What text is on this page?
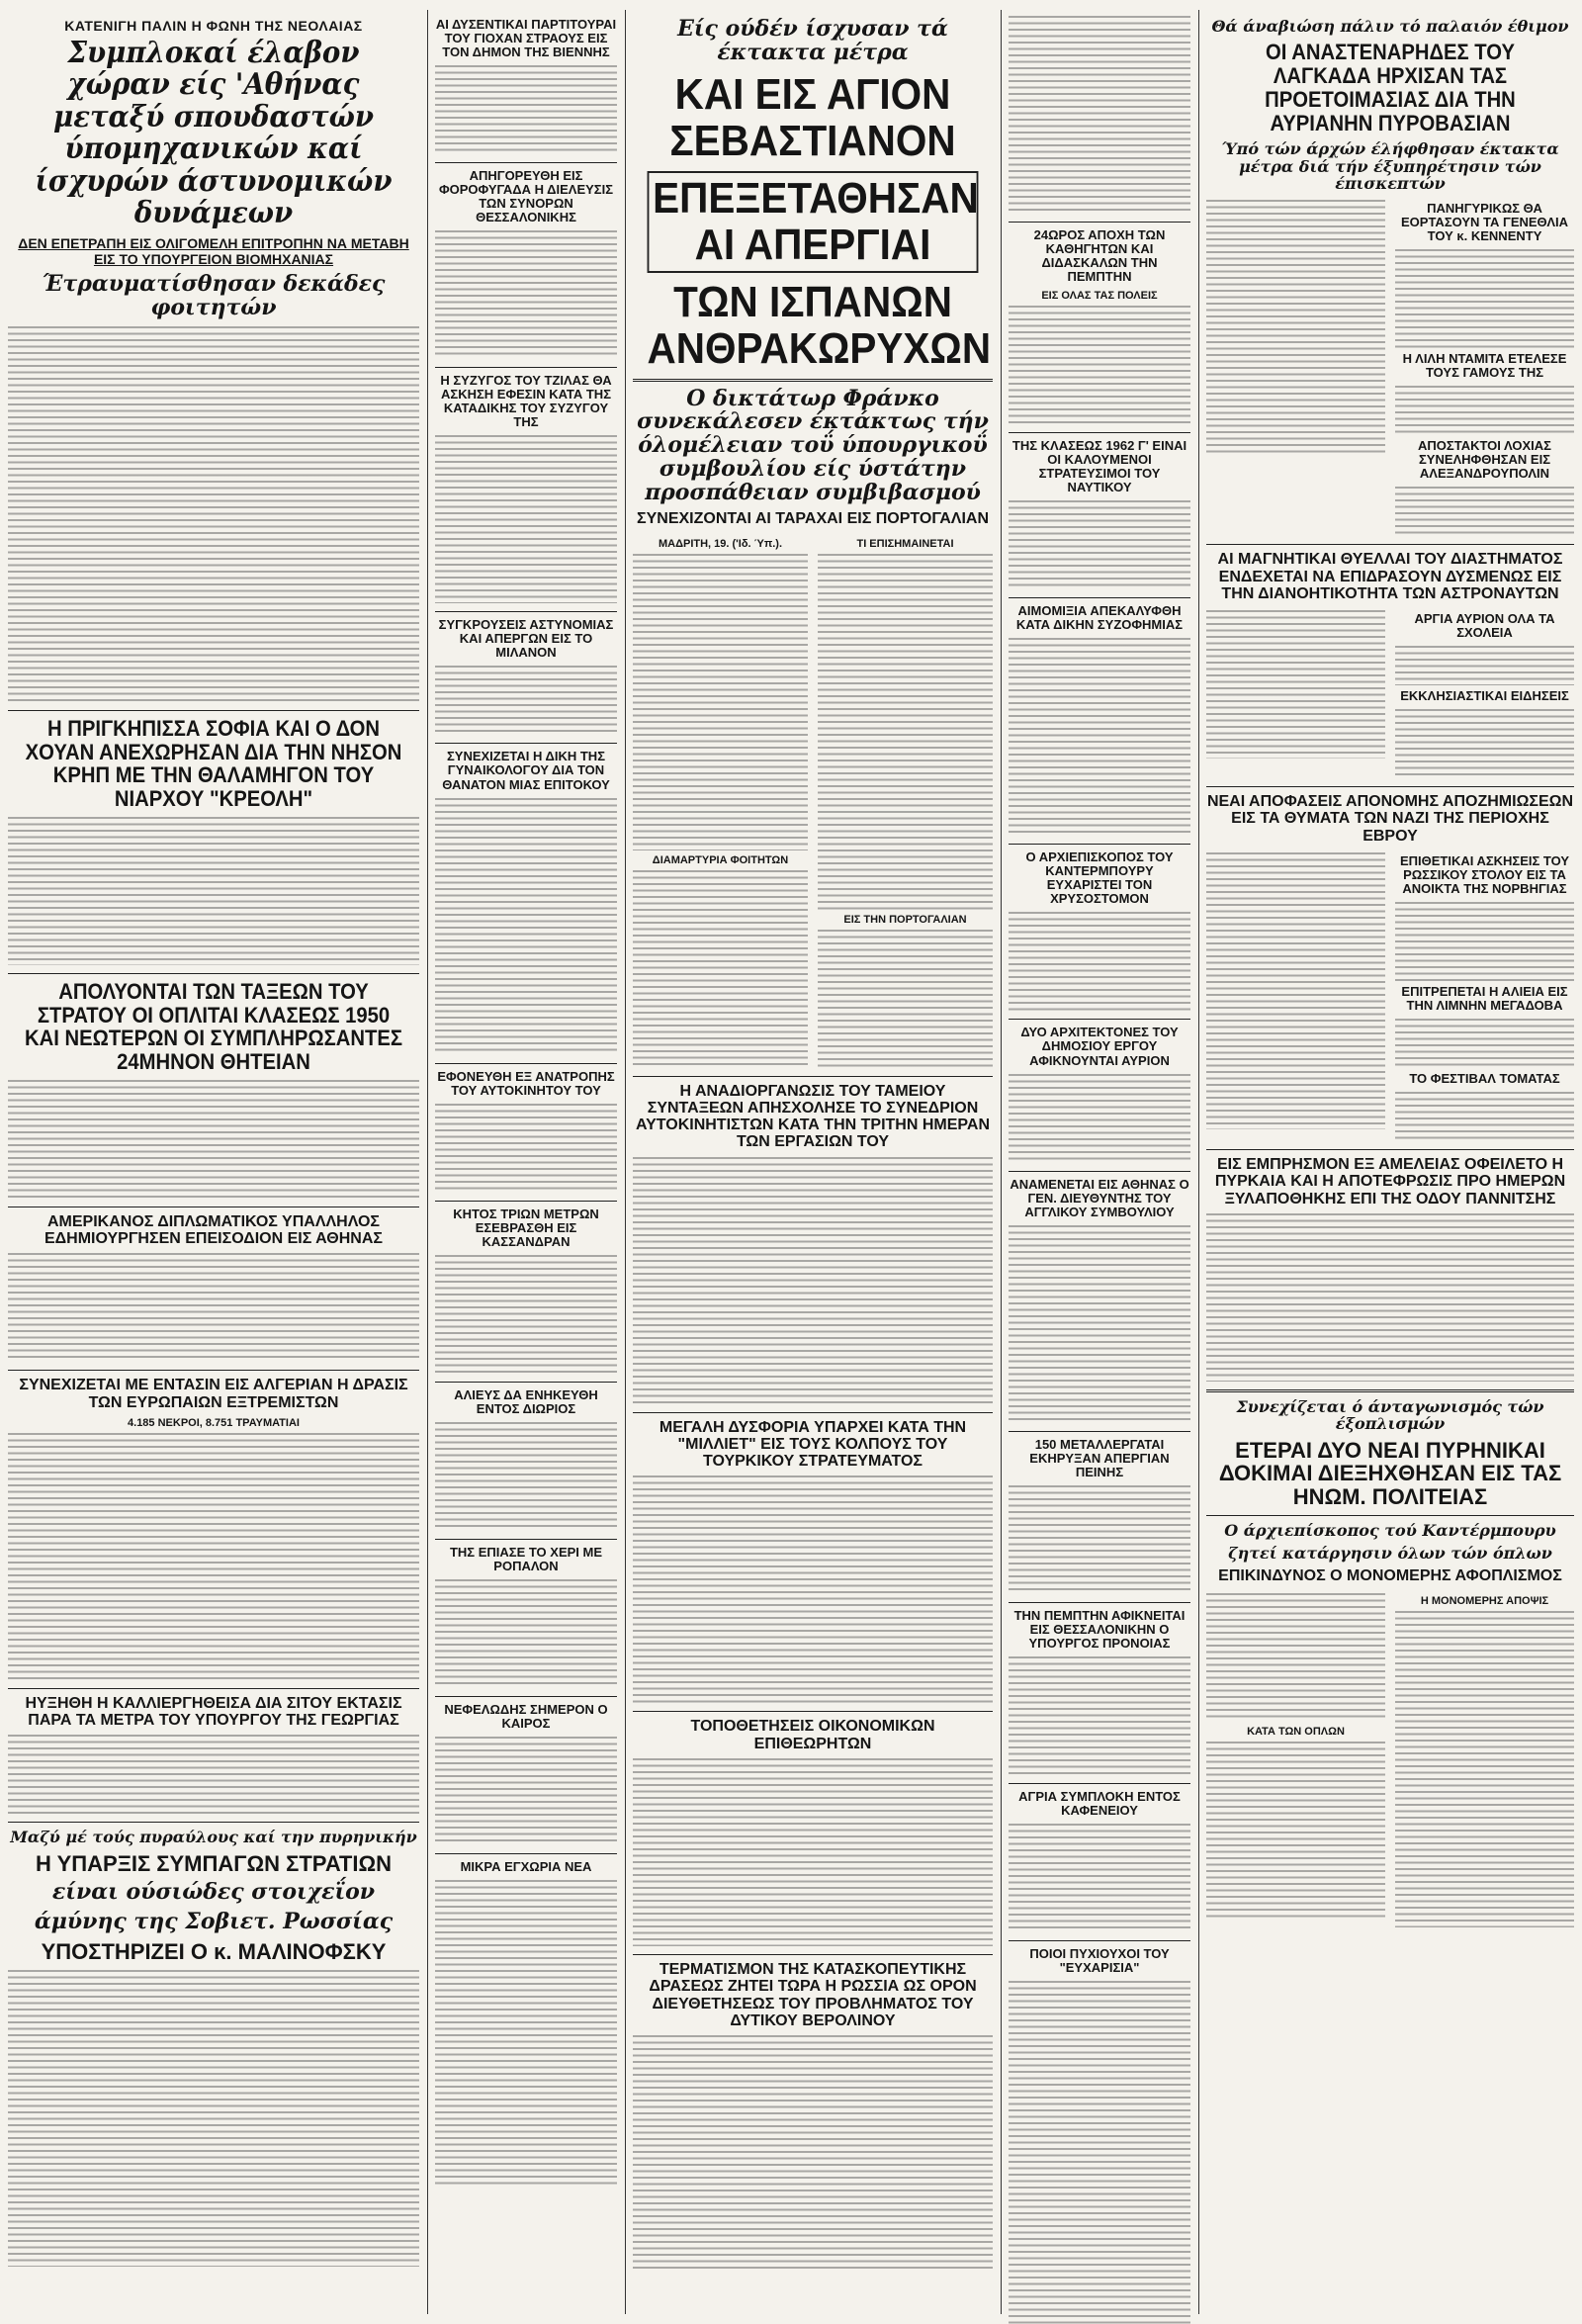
ΚΑΤΕΝΙΓΗ ΠΑΛΙΝ Η ΦΩΝΗ ΤΗΣ ΝΕΟΛΑΙΑΣ
Συμπλοκαί έλαβον χώραν είς 'Αθήνας μεταξύ σπουδαστών ύπομηχανικών καί ίσχυρών άστυνομικών δυνάμεων
ΔΕΝ ΕΠΕΤΡΑΠΗ ΕΙΣ ΟΛΙΓΟΜΕΛΗ ΕΠΙΤΡΟΠΗΝ ΝΑ ΜΕΤΑΒΗ ΕΙΣ ΤΟ ΥΠΟΥΡΓΕΙΟΝ ΒΙΟΜΗΧΑΝΙΑΣ
Έτραυματίσθησαν δεκάδες φοιτητών
Η ΠΡΙΓΚΗΠΙΣΣΑ ΣΟΦΙΑ ΚΑΙ Ο ΔΟΝ ΧΟΥΑΝ ΑΝΕΧΩΡΗΣΑΝ ΔΙΑ ΤΗΝ ΝΗΣΟΝ ΚΡΗΠ ΜΕ ΤΗΝ ΘΑΛΑΜΗΓΟΝ ΤΟΥ ΝΙΑΡΧΟΥ "ΚΡΕΟΛΗ"
ΑΠΟΛΥΟΝΤΑΙ ΤΩΝ ΤΑΞΕΩΝ ΤΟΥ ΣΤΡΑΤΟΥ ΟΙ ΟΠΛΙΤΑΙ ΚΛΑΣΕΩΣ 1950 ΚΑΙ ΝΕΩΤΕΡΩΝ ΟΙ ΣΥΜΠΛΗΡΩΣΑΝΤΕΣ 24ΜΗΝΟΝ ΘΗΤΕΙΑΝ
ΑΜΕΡΙΚΑΝΟΣ ΔΙΠΛΩΜΑΤΙΚΟΣ ΥΠΑΛΛΗΛΟΣ ΕΔΗΜΙΟΥΡΓΗΣΕΝ ΕΠΕΙΣΟΔΙΟΝ ΕΙΣ ΑΘΗΝΑΣ
ΣΥΝΕΧΙΖΕΤΑΙ ΜΕ ΕΝΤΑΣΙΝ ΕΙΣ ΑΛΓΕΡΙΑΝ Η ΔΡΑΣΙΣ ΤΩΝ ΕΥΡΩΠΑΙΩΝ ΕΞΤΡΕΜΙΣΤΩΝ
4.185 ΝΕΚΡΟΙ, 8.751 ΤΡΑΥΜΑΤΙΑΙ
ΗΥΞΗΘΗ Η ΚΑΛΛΙΕΡΓΗΘΕΙΣΑ ΔΙΑ ΣΙΤΟΥ ΕΚΤΑΣΙΣ ΠΑΡΑ ΤΑ ΜΕΤΡΑ ΤΟΥ ΥΠΟΥΡΓΟΥ ΤΗΣ ΓΕΩΡΓΙΑΣ
Μαζύ μέ τούς πυραύλους καί την πυρηνικήν
Η ΥΠΑΡΞΙΣ ΣΥΜΠΑΓΩΝ ΣΤΡΑΤΙΩΝ
είναι ούσιώδες στοιχεΐον
άμύνης της Σοβιετ. Ρωσσίας
ΥΠΟΣΤΗΡΙΖΕΙ Ο κ. ΜΑΛΙΝΟΦΣΚΥ
ΑΙ ΔΥΣΕΝΤΙΚΑΙ ΠΑΡΤΙΤΟΥΡΑΙ ΤΟΥ ΓΙΟΧΑΝ ΣΤΡΑΟΥΣ ΕΙΣ ΤΟΝ ΔΗΜΟΝ ΤΗΣ ΒΙΕΝΝΗΣ
ΑΠΗΓΟΡΕΥΘΗ ΕΙΣ ΦΟΡΟΦΥΓΑΔΑ Η ΔΙΕΛΕΥΣΙΣ ΤΩΝ ΣΥΝΟΡΩΝ ΘΕΣΣΑΛΟΝΙΚΗΣ
Η ΣΥΖΥΓΟΣ ΤΟΥ ΤΖΙΛΑΣ ΘΑ ΑΣΚΗΣΗ ΕΦΕΣΙΝ ΚΑΤΑ ΤΗΣ ΚΑΤΑΔΙΚΗΣ ΤΟΥ ΣΥΖΥΓΟΥ ΤΗΣ
ΣΥΓΚΡΟΥΣΕΙΣ ΑΣΤΥΝΟΜΙΑΣ ΚΑΙ ΑΠΕΡΓΩΝ ΕΙΣ ΤΟ ΜΙΛΑΝΟΝ
ΣΥΝΕΧΙΖΕΤΑΙ Η ΔΙΚΗ ΤΗΣ ΓΥΝΑΙΚΟΛΟΓΟΥ ΔΙΑ ΤΟΝ ΘΑΝΑΤΟΝ ΜΙΑΣ ΕΠΙΤΟΚΟΥ
ΕΦΟΝΕΥΘΗ ΕΞ ΑΝΑΤΡΟΠΗΣ ΤΟΥ ΑΥΤΟΚΙΝΗΤΟΥ ΤΟΥ
ΚΗΤΟΣ ΤΡΙΩΝ ΜΕΤΡΩΝ ΕΣΕΒΡΑΣΘΗ ΕΙΣ ΚΑΣΣΑΝΔΡΑΝ
ΑΛΙΕΥΣ ΔΑ ΕΝΗΚΕΥΘΗ ΕΝΤΟΣ ΔΙΩΡΙΟΣ
ΤΗΣ ΕΠΙΑΣΕ ΤΟ ΧΕΡΙ ΜΕ ΡΟΠΑΛΟΝ
ΝΕΦΕΛΩΔΗΣ ΣΗΜΕΡΟΝ Ο ΚΑΙΡΟΣ
ΜΙΚΡΑ ΕΓΧΩΡΙΑ ΝΕΑ
Είς ούδέν ίσχυσαν τά έκτακτα μέτρα
ΚΑΙ ΕΙΣ ΑΓΙΟΝ ΣΕΒΑΣΤΙΑΝΟΝ
ΕΠΕΞΕΤΑΘΗΣΑΝ ΑΙ ΑΠΕΡΓΙΑΙ
ΤΩΝ ΙΣΠΑΝΩΝ ΑΝΘΡΑΚΩΡΥΧΩΝ
Ο δικτάτωρ Φράνκο συνεκάλεσεν έκτάκτως τήν όλομέλειαν τοΰ ύπουργικοΰ συμβουλίου είς ύστάτην προσπάθειαν συμβιβασμού
ΣΥΝΕΧΙΖΟΝΤΑΙ ΑΙ ΤΑΡΑΧΑΙ ΕΙΣ ΠΟΡΤΟΓΑΛΙΑΝ
ΜΑΔΡΙΤΗ, 19. ('Ιδ. Ύπ.).
ΔΙΑΜΑΡΤΥΡΙΑ ΦΟΙΤΗΤΩΝ
ΤΙ ΕΠΙΣΗΜΑΙΝΕΤΑΙ
ΕΙΣ ΤΗΝ ΠΟΡΤΟΓΑΛΙΑΝ
Η ΑΝΑΔΙΟΡΓΑΝΩΣΙΣ ΤΟΥ ΤΑΜΕΙΟΥ ΣΥΝΤΑΞΕΩΝ ΑΠΗΣΧΟΛΗΣΕ ΤΟ ΣΥΝΕΔΡΙΟΝ ΑΥΤΟΚΙΝΗΤΙΣΤΩΝ ΚΑΤΑ ΤΗΝ ΤΡΙΤΗΝ ΗΜΕΡΑΝ ΤΩΝ ΕΡΓΑΣΙΩΝ ΤΟΥ
ΜΕΓΑΛΗ ΔΥΣΦΟΡΙΑ ΥΠΑΡΧΕΙ ΚΑΤΑ ΤΗΝ "ΜΙΛΛΙΕΤ" ΕΙΣ ΤΟΥΣ ΚΟΛΠΟΥΣ ΤΟΥ ΤΟΥΡΚΙΚΟΥ ΣΤΡΑΤΕΥΜΑΤΟΣ
ΤΟΠΟΘΕΤΗΣΕΙΣ ΟΙΚΟΝΟΜΙΚΩΝ ΕΠΙΘΕΩΡΗΤΩΝ
ΤΕΡΜΑΤΙΣΜΟΝ ΤΗΣ ΚΑΤΑΣΚΟΠΕΥΤΙΚΗΣ ΔΡΑΣΕΩΣ ΖΗΤΕΙ ΤΩΡΑ Η ΡΩΣΣΙΑ ΩΣ ΟΡΟΝ ΔΙΕΥΘΕΤΗΣΕΩΣ ΤΟΥ ΠΡΟΒΛΗΜΑΤΟΣ ΤΟΥ ΔΥΤΙΚΟΥ ΒΕΡΟΛΙΝΟΥ
24ΩΡΟΣ ΑΠΟΧΗ ΤΩΝ ΚΑΘΗΓΗΤΩΝ ΚΑΙ ΔΙΔΑΣΚΑΛΩΝ ΤΗΝ ΠΕΜΠΤΗΝ
ΕΙΣ ΟΛΑΣ ΤΑΣ ΠΟΛΕΙΣ
ΤΗΣ ΚΛΑΣΕΩΣ 1962 Γ' ΕΙΝΑΙ ΟΙ ΚΑΛΟΥΜΕΝΟΙ ΣΤΡΑΤΕΥΣΙΜΟΙ ΤΟΥ ΝΑΥΤΙΚΟΥ
ΑΙΜΟΜΙΞΙΑ ΑΠΕΚΑΛΥΦΘΗ ΚΑΤΑ ΔΙΚΗΝ ΣΥΖΟΦΗΜΙΑΣ
Ο ΑΡΧΙΕΠΙΣΚΟΠΟΣ ΤΟΥ ΚΑΝΤΕΡΜΠΟΥΡΥ ΕΥΧΑΡΙΣΤΕΙ ΤΟΝ ΧΡΥΣΟΣΤΟΜΟΝ
ΔΥΟ ΑΡΧΙΤΕΚΤΟΝΕΣ ΤΟΥ ΔΗΜΟΣΙΟΥ ΕΡΓΟΥ ΑΦΙΚΝΟΥΝΤΑΙ ΑΥΡΙΟΝ
ΑΝΑΜΕΝΕΤΑΙ ΕΙΣ ΑΘΗΝΑΣ Ο ΓΕΝ. ΔΙΕΥΘΥΝΤΗΣ ΤΟΥ ΑΓΓΛΙΚΟΥ ΣΥΜΒΟΥΛΙΟΥ
150 ΜΕΤΑΛΛΕΡΓΑΤΑΙ ΕΚΗΡΥΞΑΝ ΑΠΕΡΓΙΑΝ ΠΕΙΝΗΣ
ΤΗΝ ΠΕΜΠΤΗΝ ΑΦΙΚΝΕΙΤΑΙ ΕΙΣ ΘΕΣΣΑΛΟΝΙΚΗΝ Ο ΥΠΟΥΡΓΟΣ ΠΡΟΝΟΙΑΣ
ΑΓΡΙΑ ΣΥΜΠΛΟΚΗ ΕΝΤΟΣ ΚΑΦΕΝΕΙΟΥ
ΠΟΙΟΙ ΠΥΧΙΟΥΧΟΙ ΤΟΥ "ΕΥΧΑΡΙΣΙΑ"
Θά άναβιώση πάλιν τό παλαιόν έθιμον
ΟΙ ΑΝΑΣΤΕΝΑΡΗΔΕΣ ΤΟΥ ΛΑΓΚΑΔΑ ΗΡΧΙΣΑΝ ΤΑΣ ΠΡΟΕΤΟΙΜΑΣΙΑΣ ΔΙΑ ΤΗΝ ΑΥΡΙΑΝΗΝ ΠΥΡΟΒΑΣΙΑΝ
Ύπό τών άρχών έλήφθησαν έκτακτα μέτρα διά τήν έξυπηρέτησιν τών έπισκεπτών
ΠΑΝΗΓΥΡΙΚΩΣ ΘΑ ΕΟΡΤΑΣΟΥΝ ΤΑ ΓΕΝΕΘΛΙΑ ΤΟΥ κ. ΚΕΝΝΕΝΤΥ
Η ΛΙΛΗ ΝΤΑΜΙΤΑ ΕΤΕΛΕΣΕ ΤΟΥΣ ΓΑΜΟΥΣ ΤΗΣ
ΑΠΟΣΤΑΚΤΟΙ ΛΟΧΙΑΣ ΣΥΝΕΛΗΦΘΗΣΑΝ ΕΙΣ ΑΛΕΞΑΝΔΡΟΥΠΟΛΙΝ
ΑΙ ΜΑΓΝΗΤΙΚΑΙ ΘΥΕΛΛΑΙ ΤΟΥ ΔΙΑΣΤΗΜΑΤΟΣ ΕΝΔΕΧΕΤΑΙ ΝΑ ΕΠΙΔΡΑΣΟΥΝ ΔΥΣΜΕΝΩΣ ΕΙΣ ΤΗΝ ΔΙΑΝΟΗΤΙΚΟΤΗΤΑ ΤΩΝ ΑΣΤΡΟΝΑΥΤΩΝ
ΑΡΓΙΑ ΑΥΡΙΟΝ ΟΛΑ ΤΑ ΣΧΟΛΕΙΑ
ΕΚΚΛΗΣΙΑΣΤΙΚΑΙ ΕΙΔΗΣΕΙΣ
ΝΕΑΙ ΑΠΟΦΑΣΕΙΣ ΑΠΟΝΟΜΗΣ ΑΠΟΖΗΜΙΩΣΕΩΝ ΕΙΣ ΤΑ ΘΥΜΑΤΑ ΤΩΝ ΝΑΖΙ ΤΗΣ ΠΕΡΙΟΧΗΣ ΕΒΡΟΥ
ΕΠΙΘΕΤΙΚΑΙ ΑΣΚΗΣΕΙΣ ΤΟΥ ΡΩΣΣΙΚΟΥ ΣΤΟΛΟΥ ΕΙΣ ΤΑ ΑΝΟΙΚΤΑ ΤΗΣ ΝΟΡΒΗΓΙΑΣ
ΕΠΙΤΡΕΠΕΤΑΙ Η ΑΛΙΕΙΑ ΕΙΣ ΤΗΝ ΛΙΜΝΗΝ ΜΕΓΑΔΟΒΑ
ΤΟ ΦΕΣΤΙΒΑΛ ΤΟΜΑΤΑΣ
ΕΙΣ ΕΜΠΡΗΣΜΟΝ ΕΞ ΑΜΕΛΕΙΑΣ ΟΦΕΙΛΕΤΟ Η ΠΥΡΚΑΙΑ ΚΑΙ Η ΑΠΟΤΕΦΡΩΣΙΣ ΠΡΟ ΗΜΕΡΩΝ ΞΥΛΑΠΟΘΗΚΗΣ ΕΠΙ ΤΗΣ ΟΔΟΥ ΠΑΝΝΙΤΣΗΣ
Συνεχίζεται ό άνταγωνισμός τών έξοπλισμών
ΕΤΕΡΑΙ ΔΥΟ ΝΕΑΙ ΠΥΡΗΝΙΚΑΙ ΔΟΚΙΜΑΙ ΔΙΕΞΗΧΘΗΣΑΝ ΕΙΣ ΤΑΣ ΗΝΩΜ. ΠΟΛΙΤΕΙΑΣ
Ο άρχιεπίσκοπος τού Καντέρμπουρυ
ζητεί κατάργησιν όλων τών όπλων
ΕΠΙΚΙΝΔΥΝΟΣ Ο ΜΟΝΟΜΕΡΗΣ ΑΦΟΠΛΙΣΜΟΣ
ΚΑΤΑ ΤΩΝ ΟΠΛΩΝ
Η ΜΟΝΟΜΕΡΗΣ ΑΠΟΨΙΣ
